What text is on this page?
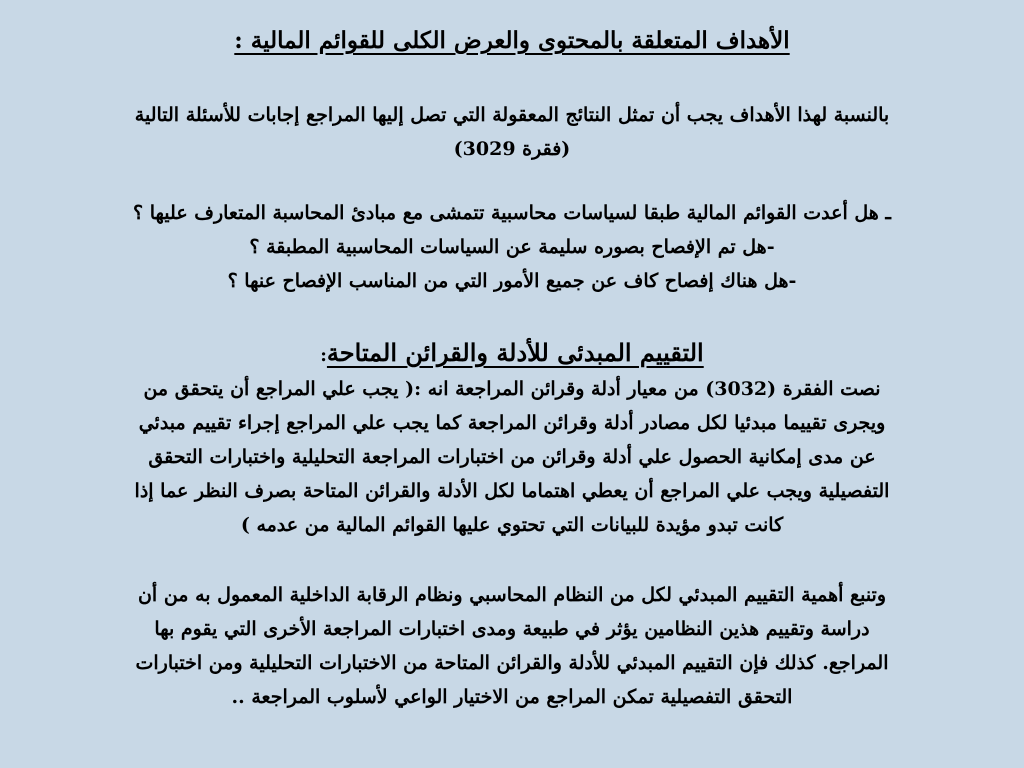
الأهداف المتعلقة بالمحتوى والعرض الكلى للقوائم المالية :
بالنسبة لهذا الأهداف يجب أن تمثل النتائج المعقولة التي تصل إليها المراجع إجابات للأسئلة التالية
(فقرة 3029)
ـ هل أعدت القوائم المالية طبقا لسياسات محاسبية تتمشى مع مبادئ المحاسبة المتعارف عليها ؟
-هل تم الإفصاح بصوره سليمة عن السياسات المحاسبية المطبقة ؟
-هل هناك إفصاح كاف عن جميع الأمور التي من المناسب الإفصاح عنها ؟
التقييم المبدئى للأدلة والقرائن المتاحة:
نصت الفقرة (3032) من معيار أدلة وقرائن المراجعة انه :( يجب علي المراجع أن يتحقق من
ويجرى تقييما مبدئيا لكل مصادر أدلة وقرائن المراجعة كما يجب علي المراجع إجراء تقييم مبدئي
عن مدى إمكانية الحصول علي أدلة وقرائن من اختبارات المراجعة التحليلية واختبارات التحقق
التفصيلية ويجب علي المراجع أن يعطي اهتماما لكل الأدلة والقرائن المتاحة بصرف النظر عما إذا
كانت تبدو مؤيدة للبيانات التي تحتوي عليها القوائم المالية من عدمه )
وتنبع أهمية التقييم المبدئي لكل من النظام المحاسبي ونظام الرقابة الداخلية المعمول به من أن
دراسة وتقييم هذين النظامين يؤثر في طبيعة ومدى اختبارات المراجعة الأخرى التي يقوم بها
المراجع. كذلك فإن التقييم المبدئي للأدلة والقرائن المتاحة من الاختبارات التحليلية ومن اختبارات
التحقق التفصيلية تمكن المراجع من الاختيار الواعي لأسلوب المراجعة ..
